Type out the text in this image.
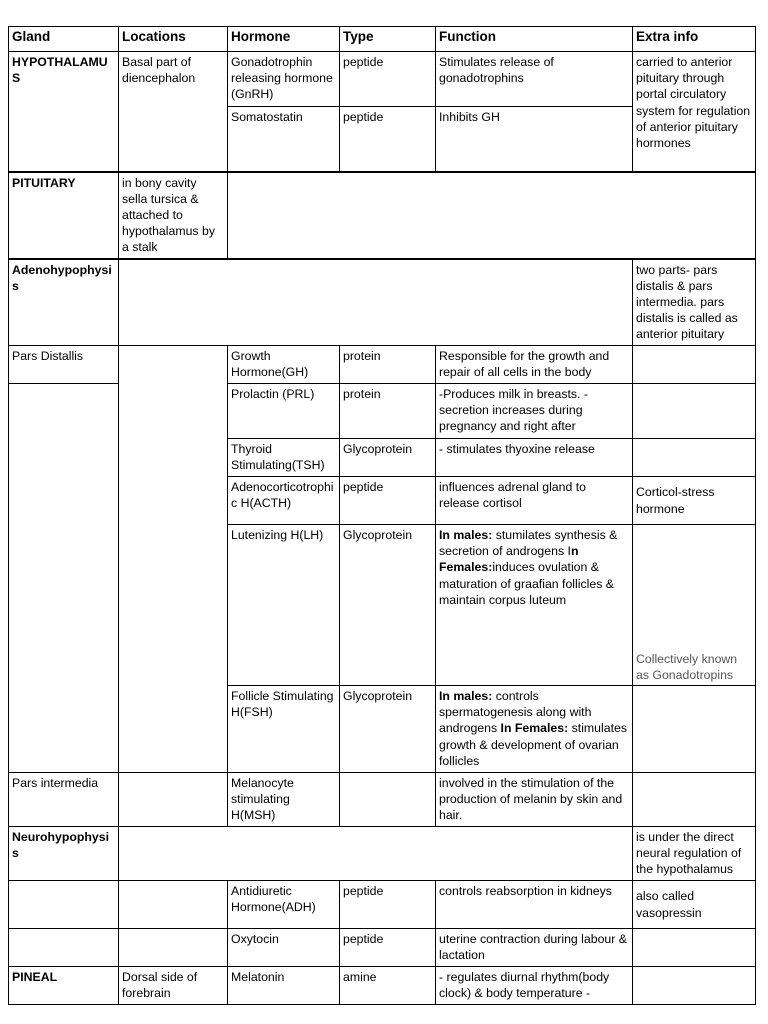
Gland	Locations	Hormone	Type	Function	Extra info
HYPOTHALAMUS	Basal part of diencephalon	Gonadotrophin releasing hormone (GnRH)	peptide	Stimulates release of gonadotrophins	carried to anterior pituitary through portal circulatory system for regulation of anterior pituitary hormones
		Somatostatin	peptide	Inhibits GH	
PITUITARY	in bony cavity sella tursica & attached to hypothalamus by a stalk				
Adenohypophysis					two parts- pars distalis & pars intermedia. pars distalis is called as anterior pituitary
Pars Distallis		Growth Hormone(GH)	protein	Responsible for the growth and repair of all cells in the body	
		Prolactin (PRL)	protein	-Produces milk in breasts. -secretion increases during pregnancy and right after	
		Thyroid Stimulating(TSH)	Glycoprotein	- stimulates thyoxine release	
		Adenocorticotrophic H(ACTH)	peptide	influences adrenal gland to release cortisol	Corticol-stress hormone
		Lutenizing H(LH)	Glycoprotein	In males: stumilates synthesis & secretion of androgens In Females:induces ovulation & maturation of graafian follicles & maintain corpus luteum	Collectively known as Gonadotropins
		Follicle Stimulating H(FSH)	Glycoprotein	In males: controls spermatogenesis along with androgens In Females: stimulates growth & development of ovarian follicles	
Pars intermedia		Melanocyte stimulating H(MSH)		involved in the stimulation of the production of melanin by skin and hair.	
Neurohypophysis					is under the direct neural regulation of the hypothalamus
		Antidiuretic Hormone(ADH)	peptide	controls reabsorption in kidneys	also called vasopressin
		Oxytocin	peptide	uterine contraction during labour & lactation	
PINEAL	Dorsal side of forebrain	Melatonin	amine	- regulates diurnal rhythm(body clock) & body temperature -	
